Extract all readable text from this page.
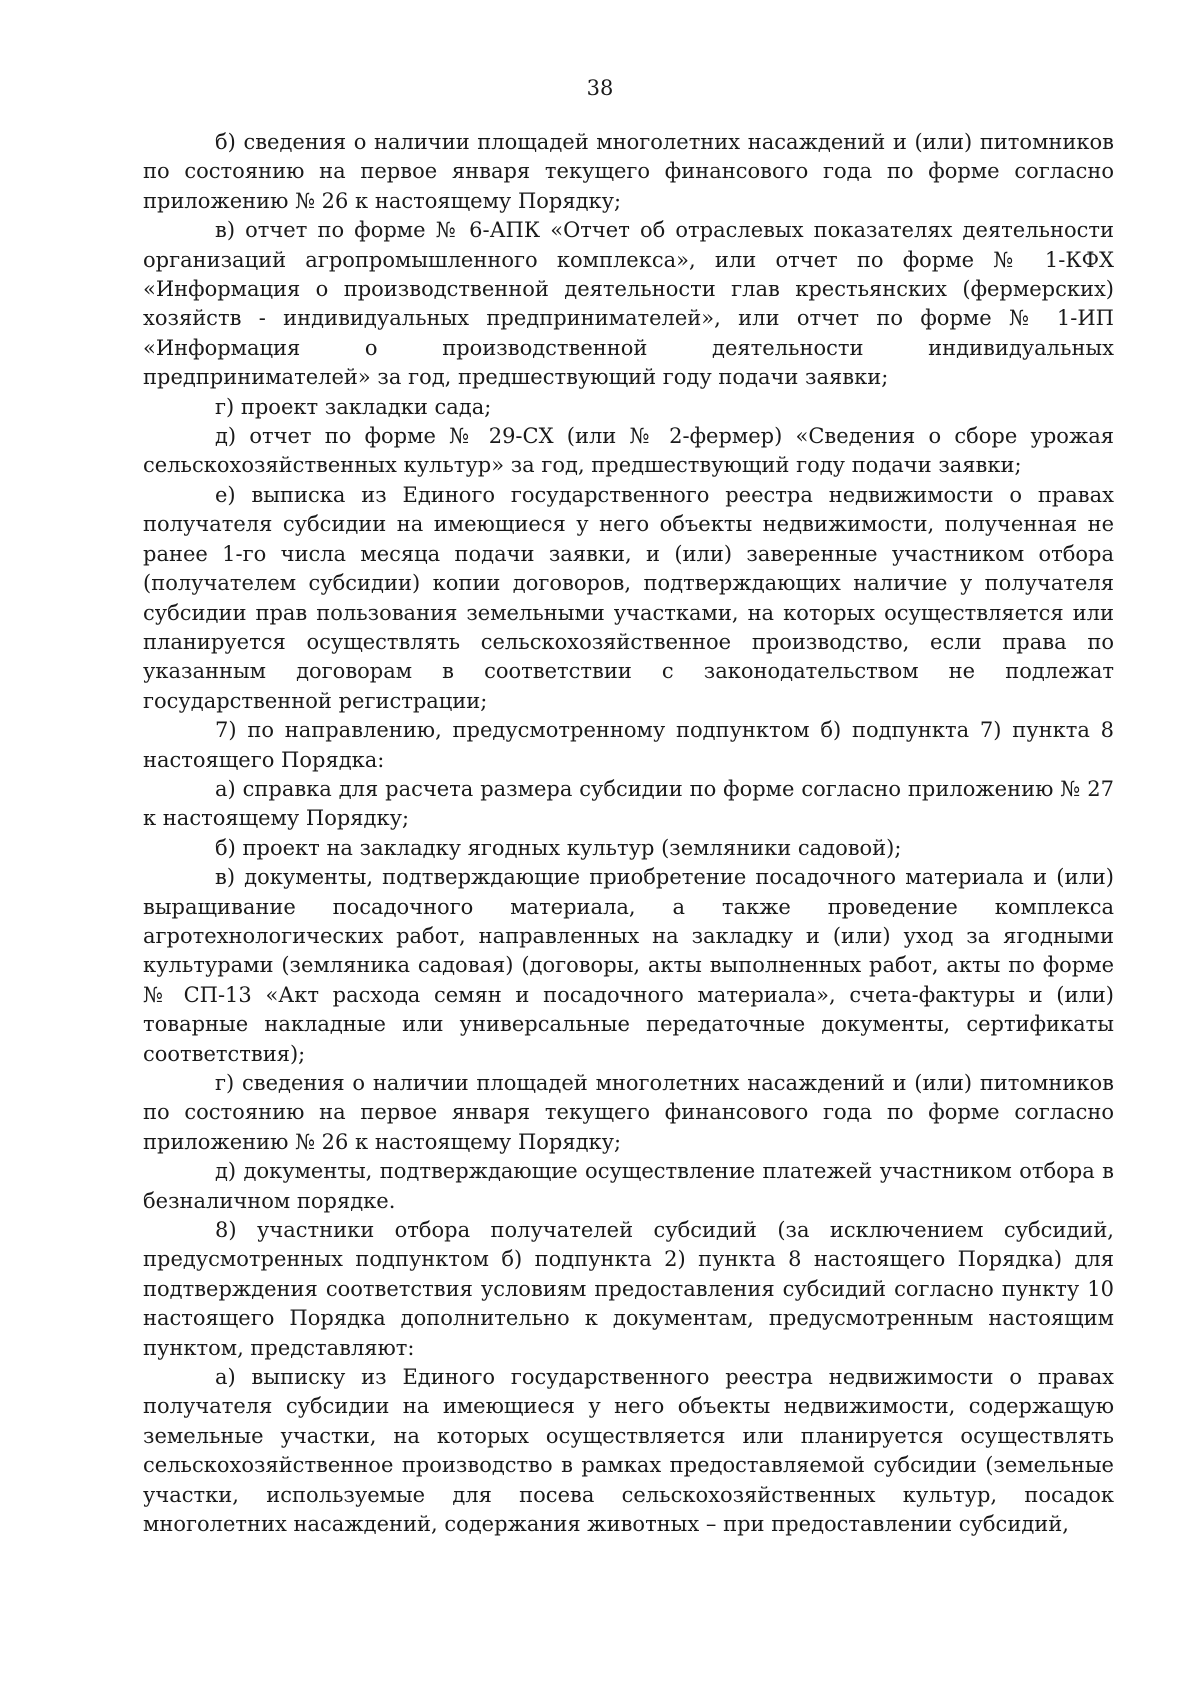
38

б) сведения о наличии площадей многолетних насаждений и (или) питомников по состоянию на первое января текущего финансового года по форме согласно приложению № 26 к настоящему Порядку;

в) отчет по форме № 6-АПК «Отчет об отраслевых показателях деятельности организаций агропромышленного комплекса», или отчет по форме № 1-КФХ «Информация о производственной деятельности глав крестьянских (фермерских) хозяйств - индивидуальных предпринимателей», или отчет по форме № 1-ИП «Информация о производственной деятельности индивидуальных предпринимателей» за год, предшествующий году подачи заявки;

г) проект закладки сада;

д) отчет по форме № 29-СХ (или № 2-фермер) «Сведения о сборе урожая сельскохозяйственных культур» за год, предшествующий году подачи заявки;

е) выписка из Единого государственного реестра недвижимости о правах получателя субсидии на имеющиеся у него объекты недвижимости, полученная не ранее 1-го числа месяца подачи заявки, и (или) заверенные участником отбора (получателем субсидии) копии договоров, подтверждающих наличие у получателя субсидии прав пользования земельными участками, на которых осуществляется или планируется осуществлять сельскохозяйственное производство, если права по указанным договорам в соответствии с законодательством не подлежат государственной регистрации;

7) по направлению, предусмотренному подпунктом б) подпункта 7) пункта 8 настоящего Порядка:

а) справка для расчета размера субсидии по форме согласно приложению № 27 к настоящему Порядку;

б) проект на закладку ягодных культур (земляники садовой);

в) документы, подтверждающие приобретение посадочного материала и (или) выращивание посадочного материала, а также проведение комплекса агротехнологических работ, направленных на закладку и (или) уход за ягодными культурами (земляника садовая) (договоры, акты выполненных работ, акты по форме № СП-13 «Акт расхода семян и посадочного материала», счета-фактуры и (или) товарные накладные или универсальные передаточные документы, сертификаты соответствия);

г) сведения о наличии площадей многолетних насаждений и (или) питомников по состоянию на первое января текущего финансового года по форме согласно приложению № 26 к настоящему Порядку;

д) документы, подтверждающие осуществление платежей участником отбора в безналичном порядке.

8) участники отбора получателей субсидий (за исключением субсидий, предусмотренных подпунктом б) подпункта 2) пункта 8 настоящего Порядка) для подтверждения соответствия условиям предоставления субсидий согласно пункту 10 настоящего Порядка дополнительно к документам, предусмотренным настоящим пунктом, представляют:

а) выписку из Единого государственного реестра недвижимости о правах получателя субсидии на имеющиеся у него объекты недвижимости, содержащую земельные участки, на которых осуществляется или планируется осуществлять сельскохозяйственное производство в рамках предоставляемой субсидии (земельные участки, используемые для посева сельскохозяйственных культур, посадок многолетних насаждений, содержания животных – при предоставлении субсидий,
